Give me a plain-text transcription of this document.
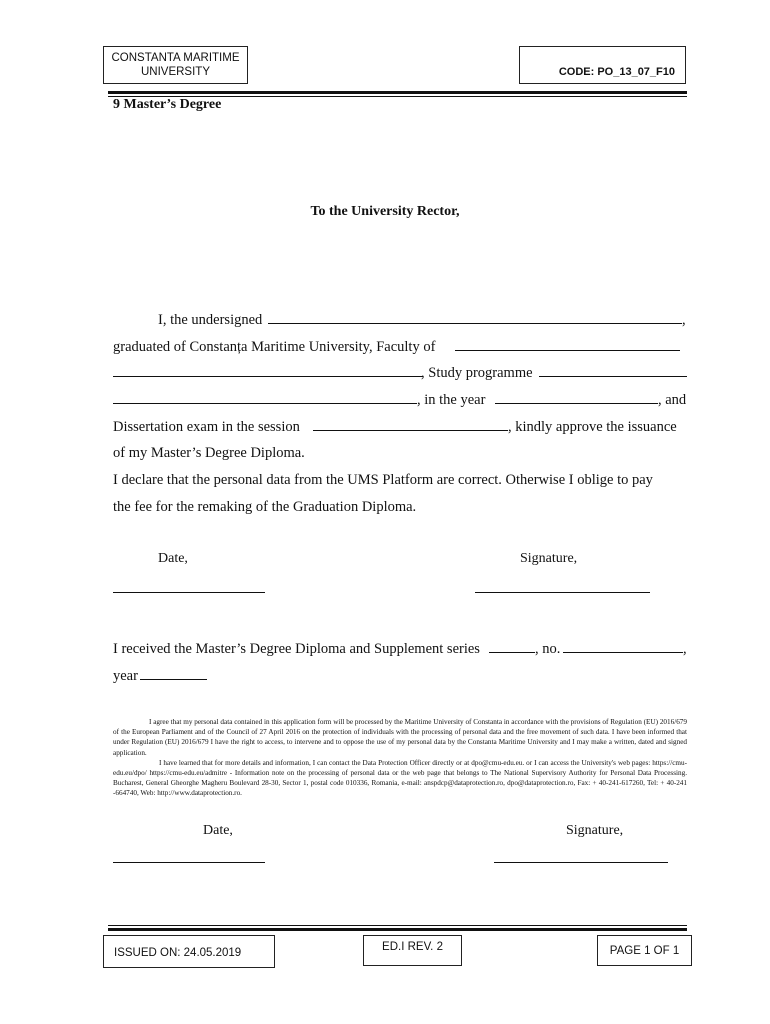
CONSTANTA MARITIME
UNIVERSITY	CODE: PO_13_07_F10
9 Master’s Degree
To the University Rector,
I, the undersigned	,
graduated of Constanța Maritime University, Faculty of
, Study programme
, in the year	, and
Dissertation exam in the session	, kindly approve the issuance
of my Master’s Degree Diploma.
I declare that the personal data from the UMS Platform are correct. Otherwise I oblige to pay
the fee for the remaking of the Graduation Diploma.
Date,	Signature,
I received the Master’s Degree Diploma and Supplement series	, no.	,
year

I agree that my personal data contained in this application form will be processed by the Maritime University of Constanta in accordance with the provisions of Regulation (EU) 2016/679 of the European Parliament and of the Council of 27 April 2016 on the protection of individuals with the processing of personal data and the free movement of such data. I have been informed that under Regulation (EU) 2016/679 I have the right to access, to intervene and to oppose the use of my personal data by the Constanta Maritime University and I may make a written, dated and signed application.

I have learned that for more details and information, I can contact the Data Protection Officer directly or at dpo@cmu-edu.eu. or I can access the University's web pages: https://cmu-edu.eu/dpo/ https://cmu-edu.eu/admitre - Information note on the processing of personal data or the web page that belongs to The National Supervisory Authority for Personal Data Processing. Bucharest, General Gheorghe Magheru Boulevard 28-30, Sector 1, postal code 010336, Romania, e-mail: anspdcp@dataprotection.ro, dpo@dataprotection.ro, Fax: + 40-241-617260, Tel: + 40-241 -664740, Web: http://www.dataprotection.ro.

Date,	Signature,
ISSUED ON: 24.05.2019	ED.I REV. 2	PAGE 1 OF 1
